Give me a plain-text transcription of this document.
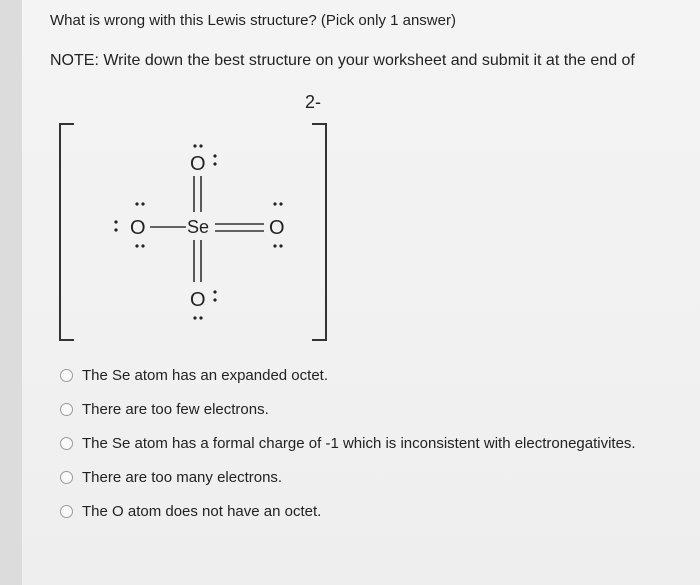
What is wrong with this Lewis structure? (Pick only 1 answer)
NOTE: Write down the best structure on your worksheet and submit it at the end of
2-
O
O Se	O
O
The Se atom has an expanded octet.
There are too few electrons.
The Se atom has a formal charge of -1 which is inconsistent with electronegativites.
There are too many electrons.
The O atom does not have an octet.
